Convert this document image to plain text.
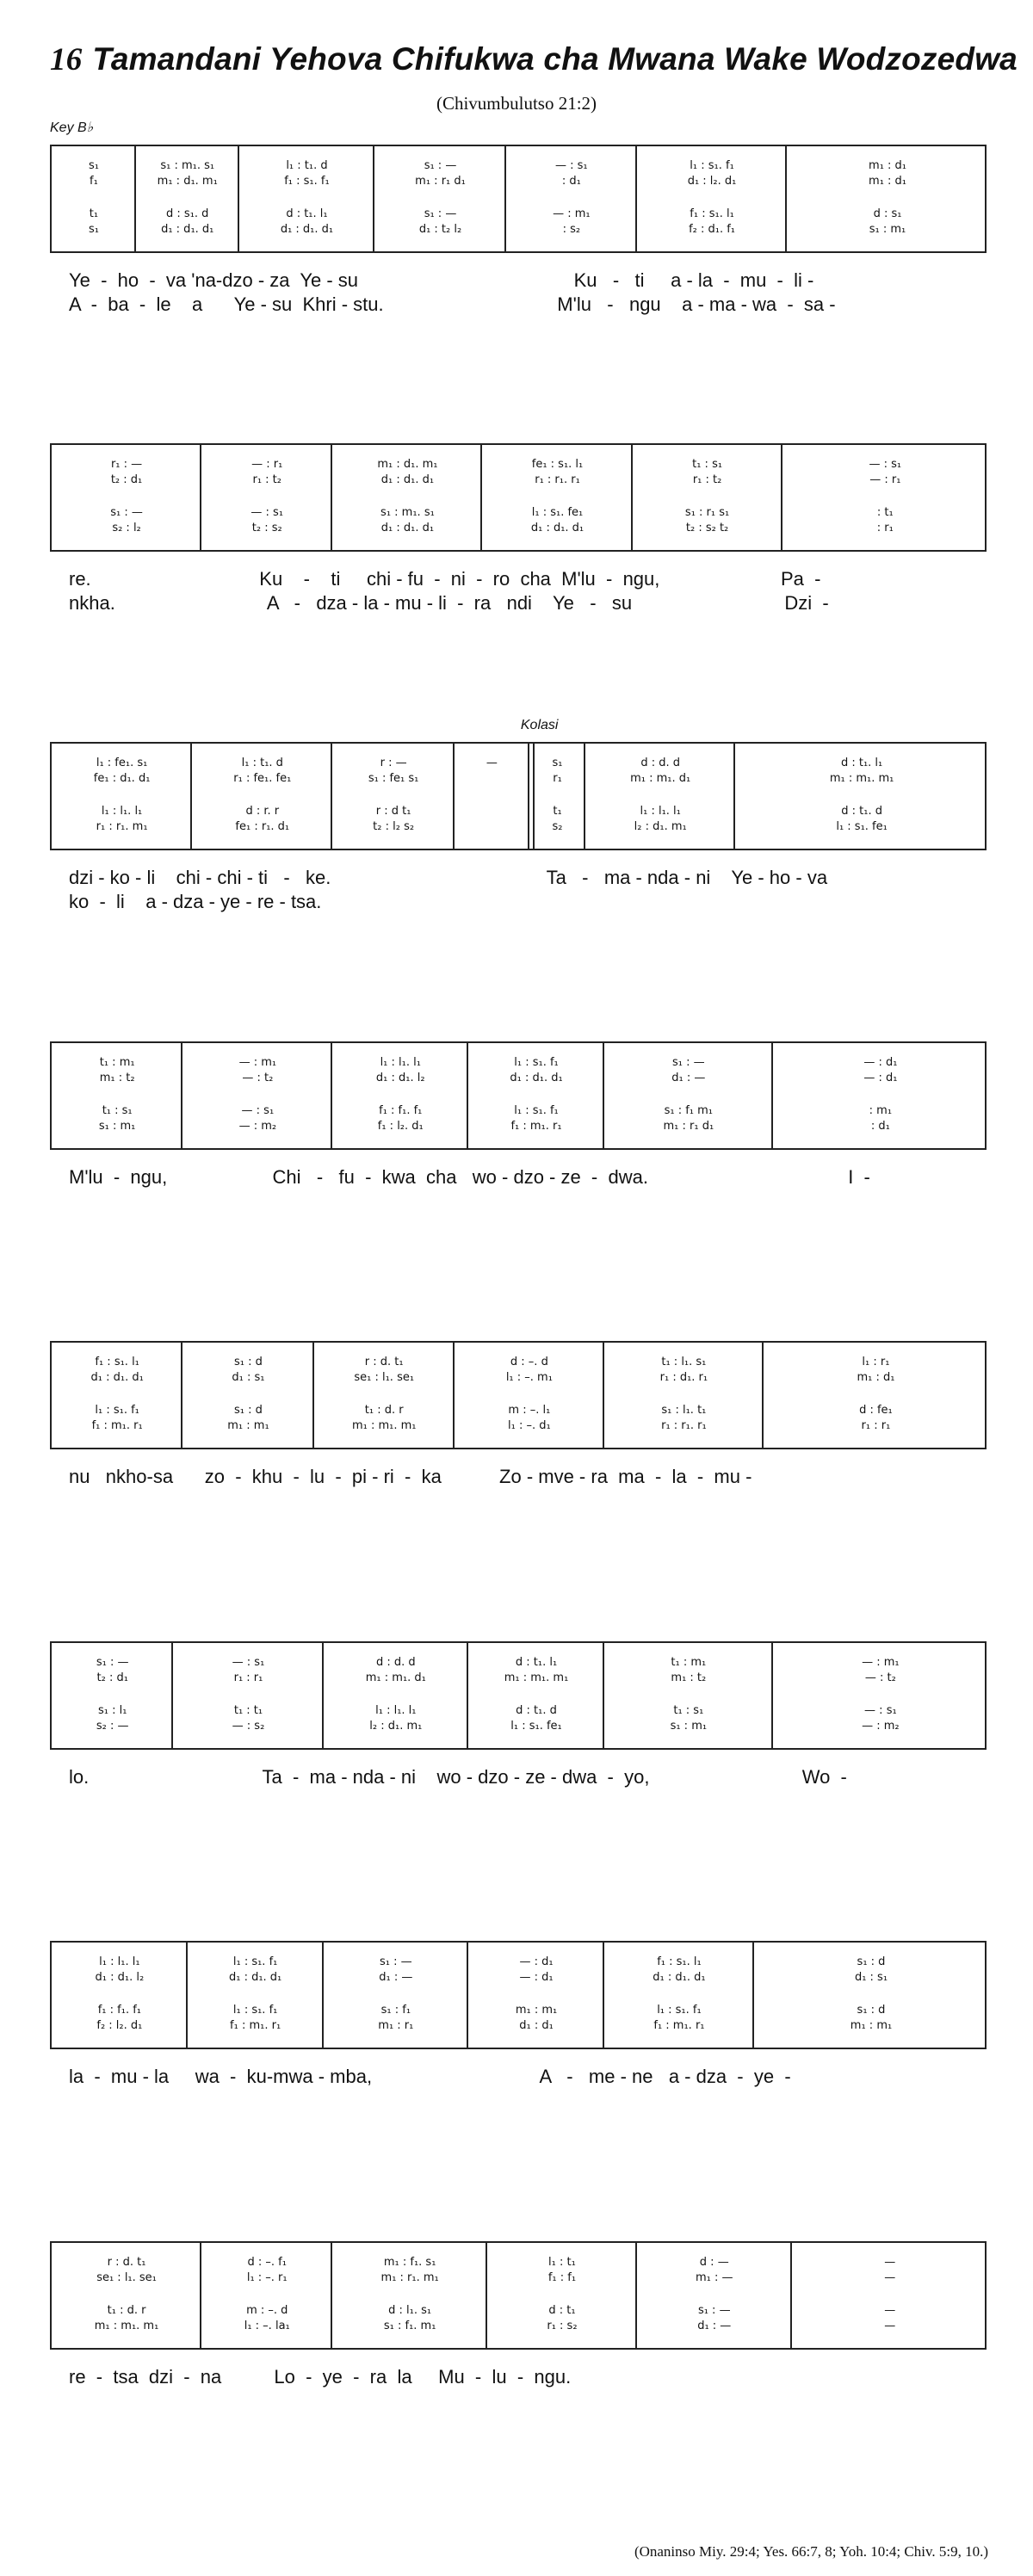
16 Tamandani Yehova Chifukwa cha Mwana Wake Wodzozedwa
(Chivumbulutso 21:2)
Key B♭
s₁	s₁ : m₁. s₁	l₁ : t₁. d	s₁ : —	— : s₁	l₁ : s₁. f₁	m₁ : d₁
f₁	m₁ : d₁. m₁	f₁ : s₁. f₁	m₁ : r₁ d₁	: d₁	d₁ : l₂. d₁	m₁ : d₁
t₁	d : s₁. d	d : t₁. l₁	s₁ : —	— : m₁	f₁ : s₁. l₁	d : s₁
s₁	d₁ : d₁. d₁	d₁ : d₁. d₁	d₁ : t₂ l₂	: s₂	f₂ : d₁. f₁	s₁ : m₁
Ye  -  ho  -  va 'na-dzo - za  Ye - su                                         Ku   -   ti     a - la  -  mu  -  li -
A  -  ba  -  le    a      Ye - su  Khri - stu.                                 M'lu   -   ngu    a - ma - wa  -  sa -
r₁ : —	— : r₁	m₁ : d₁. m₁	fe₁ : s₁. l₁	t₁ : s₁	— : s₁
t₂ : d₁	r₁ : t₂	d₁ : d₁. d₁	r₁ : r₁. r₁	r₁ : t₂	— : r₁
s₁ : —	— : s₁	s₁ : m₁. s₁	l₁ : s₁. fe₁	s₁ : r₁ s₁	: t₁
s₂ : l₂	t₂ : s₂	d₁ : d₁. d₁	d₁ : d₁. d₁	t₂ : s₂ t₂	: r₁
re.                                Ku    -    ti     chi - fu  -  ni  -  ro  cha  M'lu  -  ngu,                       Pa  -
nkha.                             A   -   dza - la - mu - li  -  ra   ndi    Ye   -   su                             Dzi  -
l₁ : fe₁. s₁	l₁ : t₁. d	r : —	—	s₁	d : d. d	d : t₁. l₁
fe₁ : d₁. d₁	r₁ : fe₁. fe₁	s₁ : fe₁ s₁	r₁	m₁ : m₁. d₁	m₁ : m₁. m₁
l₁ : l₁. l₁	d : r. r	r : d t₁	t₁	l₁ : l₁. l₁	d : t₁. d
r₁ : r₁. m₁	fe₁ : r₁. d₁	t₂ : l₂ s₂	s₂	l₂ : d₁. m₁	l₁ : s₁. fe₁
Kolasi
dzi - ko - li    chi - chi - ti   -   ke.                                         Ta   -   ma - nda - ni    Ye - ho - va
ko  -  li    a - dza - ye - re - tsa.
t₁ : m₁	— : m₁	l₁ : l₁. l₁	l₁ : s₁. f₁	s₁ : —	— : d₁
m₁ : t₂	— : t₂	d₁ : d₁. l₂	d₁ : d₁. d₁	d₁ : —	— : d₁
t₁ : s₁	— : s₁	f₁ : f₁. f₁	l₁ : s₁. f₁	s₁ : f₁ m₁	: m₁
s₁ : m₁	— : m₂	f₁ : l₂. d₁	f₁ : m₁. r₁	m₁ : r₁ d₁	: d₁
M'lu  -  ngu,                    Chi   -   fu  -  kwa  cha   wo - dzo - ze  -  dwa.                                      I  -
f₁ : s₁. l₁	s₁ : d	r : d. t₁	d : –. d	t₁ : l₁. s₁	l₁ : r₁
d₁ : d₁. d₁	d₁ : s₁	se₁ : l₁. se₁	l₁ : –. m₁	r₁ : d₁. r₁	m₁ : d₁
l₁ : s₁. f₁	s₁ : d	t₁ : d. r	m : –. l₁	s₁ : l₁. t₁	d : fe₁
f₁ : m₁. r₁	m₁ : m₁	m₁ : m₁. m₁	l₁ : –. d₁	r₁ : r₁. r₁	r₁ : r₁
nu   nkho-sa      zo  -  khu  -  lu  -  pi - ri  -  ka           Zo - mve - ra  ma  -  la  -  mu -
s₁ : —	— : s₁	d : d. d	d : t₁. l₁	t₁ : m₁	— : m₁
t₂ : d₁	r₁ : r₁	m₁ : m₁. d₁	m₁ : m₁. m₁	m₁ : t₂	— : t₂
s₁ : l₁	t₁ : t₁	l₁ : l₁. l₁	d : t₁. d	t₁ : s₁	— : s₁
s₂ : —	— : s₂	l₂ : d₁. m₁	l₁ : s₁. fe₁	s₁ : m₁	— : m₂
lo.                                 Ta  -  ma - nda - ni    wo - dzo - ze - dwa  -  yo,                             Wo  -
l₁ : l₁. l₁	l₁ : s₁. f₁	s₁ : —	— : d₁	f₁ : s₁. l₁	s₁ : d
d₁ : d₁. l₂	d₁ : d₁. d₁	d₁ : —	— : d₁	d₁ : d₁. d₁	d₁ : s₁
f₁ : f₁. f₁	l₁ : s₁. f₁	s₁ : f₁	m₁ : m₁	l₁ : s₁. f₁	s₁ : d
f₂ : l₂. d₁	f₁ : m₁. r₁	m₁ : r₁	d₁ : d₁	f₁ : m₁. r₁	m₁ : m₁
la  -  mu - la     wa  -  ku-mwa - mba,                                A   -   me - ne   a - dza  -  ye  -
r : d. t₁	d : –. f₁	m₁ : f₁. s₁	l₁ : t₁	d : —	—
se₁ : l₁. se₁	l₁ : –. r₁	m₁ : r₁. m₁	f₁ : f₁	m₁ : —	—
t₁ : d. r	m : –. d	d : l₁. s₁	d : t₁	s₁ : —	—
m₁ : m₁. m₁	l₁ : –. la₁	s₁ : f₁. m₁	r₁ : s₂	d₁ : —	—
re  -  tsa  dzi  -  na          Lo  -  ye  -  ra  la     Mu  -  lu  -  ngu.
(Onaninso Miy. 29:4; Yes. 66:7, 8; Yoh. 10:4; Chiv. 5:9, 10.)
